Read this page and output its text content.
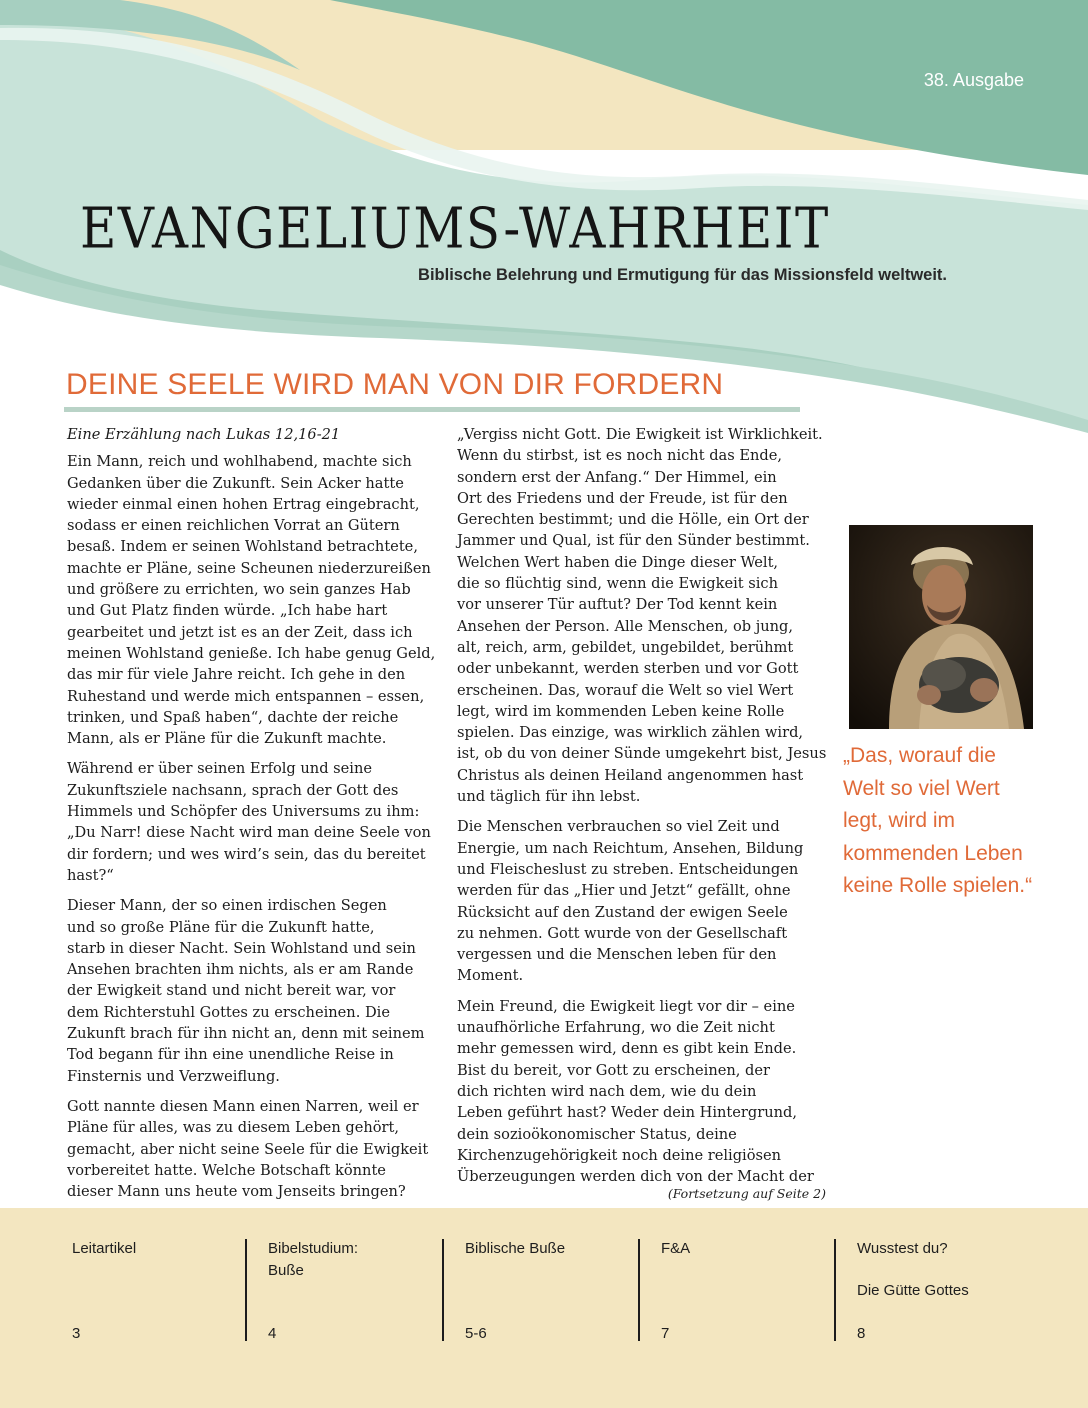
38. Ausgabe
EVANGELIUMS-WAHRHEIT
Biblische Belehrung und Ermutigung für das Missionsfeld weltweit.
DEINE SEELE WIRD MAN VON DIR FORDERN

Eine Erzählung nach Lukas 12,16-21

Ein Mann, reich und wohlhabend, machte sich
Gedanken über die Zukunft. Sein Acker hatte
wieder einmal einen hohen Ertrag eingebracht,
sodass er einen reichlichen Vorrat an Gütern
besaß. Indem er seinen Wohlstand betrachtete,
machte er Pläne, seine Scheunen niederzureißen
und größere zu errichten, wo sein ganzes Hab
und Gut Platz finden würde. „Ich habe hart
gearbeitet und jetzt ist es an der Zeit, dass ich
meinen Wohlstand genieße. Ich habe genug Geld,
das mir für viele Jahre reicht. Ich gehe in den
Ruhestand und werde mich entspannen – essen,
trinken, und Spaß haben“, dachte der reiche
Mann, als er Pläne für die Zukunft machte.

Während er über seinen Erfolg und seine
Zukunftsziele nachsann, sprach der Gott des
Himmels und Schöpfer des Universums zu ihm:
„Du Narr! diese Nacht wird man deine Seele von
dir fordern; und wes wird’s sein, das du bereitet
hast?“

Dieser Mann, der so einen irdischen Segen
und so große Pläne für die Zukunft hatte,
starb in dieser Nacht. Sein Wohlstand und sein
Ansehen brachten ihm nichts, als er am Rande
der Ewigkeit stand und nicht bereit war, vor
dem Richterstuhl Gottes zu erscheinen. Die
Zukunft brach für ihn nicht an, denn mit seinem
Tod begann für ihn eine unendliche Reise in
Finsternis und Verzweiflung.

Gott nannte diesen Mann einen Narren, weil er
Pläne für alles, was zu diesem Leben gehört,
gemacht, aber nicht seine Seele für die Ewigkeit
vorbereitet hatte. Welche Botschaft könnte
dieser Mann uns heute vom Jenseits bringen?

„Vergiss nicht Gott. Die Ewigkeit ist Wirklichkeit.
Wenn du stirbst, ist es noch nicht das Ende,
sondern erst der Anfang.“ Der Himmel, ein
Ort des Friedens und der Freude, ist für den
Gerechten bestimmt; und die Hölle, ein Ort der
Jammer und Qual, ist für den Sünder bestimmt.
Welchen Wert haben die Dinge dieser Welt,
die so flüchtig sind, wenn die Ewigkeit sich
vor unserer Tür auftut? Der Tod kennt kein
Ansehen der Person. Alle Menschen, ob jung,
alt, reich, arm, gebildet, ungebildet, berühmt
oder unbekannt, werden sterben und vor Gott
erscheinen. Das, worauf die Welt so viel Wert
legt, wird im kommenden Leben keine Rolle
spielen. Das einzige, was wirklich zählen wird,
ist, ob du von deiner Sünde umgekehrt bist, Jesus
Christus als deinen Heiland angenommen hast
und täglich für ihn lebst.

Die Menschen verbrauchen so viel Zeit und
Energie, um nach Reichtum, Ansehen, Bildung
und Fleischeslust zu streben. Entscheidungen
werden für das „Hier und Jetzt“ gefällt, ohne
Rücksicht auf den Zustand der ewigen Seele
zu nehmen. Gott wurde von der Gesellschaft
vergessen und die Menschen leben für den
Moment.

Mein Freund, die Ewigkeit liegt vor dir – eine
unaufhörliche Erfahrung, wo die Zeit nicht
mehr gemessen wird, denn es gibt kein Ende.
Bist du bereit, vor Gott zu erscheinen, der
dich richten wird nach dem, wie du dein
Leben geführt hast? Weder dein Hintergrund,
dein sozioökonomischer Status, deine
Kirchenzugehörigkeit noch deine religiösen
Überzeugungen werden dich von der Macht der

(Fortsetzung auf Seite 2)
„Das, worauf die
Welt so viel Wert
legt, wird im
kommenden Leben
keine Rolle spielen.“
Leitartikel
3
Bibelstudium:
Buße
4
Biblische Buße
5-6
F&A
7
Wusstest du?
Die Gütte Gottes
8
